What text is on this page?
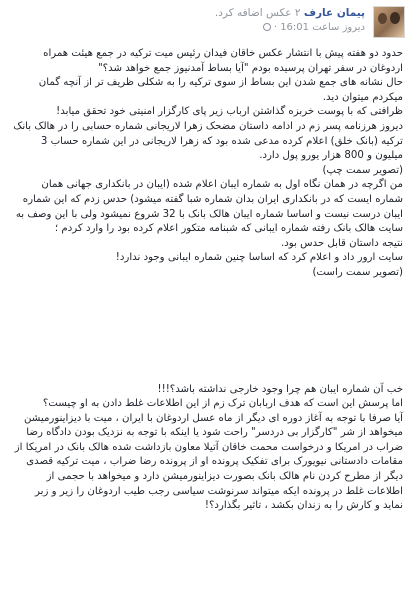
پیمان عارف ۲ عکس اضافه کرد.
دیروز ساعت 16:01 ·

حدود دو هفته پیش با انتشار عکس خاقان فیدان رئیس میت ترکیه در جمع هیئت همراه اردوغان در سفر تهران پرسیده بودم "آیا بساط آمدنیوز جمع خواهد شد؟"

حال نشانه های جمع شدن این بساط از سوی ترکیه را به شکلی ظریف تر از آنچه گمان میکردم میتوان دید.

ظرافتی که با پوست خربزه گذاشتن ارباب زیر پای کارگزار امنیتی خود تحقق میابد!

دیروز هرزنامه پسر زم در ادامه داستان مضحک زهرا لاریجانی شماره حسابی را در هالک بانک ترکیه (بانک خلق) اعلام کرده مدعی شده بود که زهرا لاریجانی در این شماره حساب 3 میلیون و 800 هزار یورو پول دارد.

(تصویر سمت چپ)

من اگرچه در همان نگاه اول به شماره ایبان اعلام شده (ایبان در بانکداری جهانی همان شماره ایست که در بانکداری ایران بدان شماره شبا گفته میشود) حدس زدم که این شماره ایبان درست نیست و اساسا شماره ایبان هالک بانک با 32 شروع نمیشود ولی با این وصف به سایت هالک بانک رفته شماره ایبانی که شبنامه متکور اعلام کرده بود را وارد کردم ؛

نتیجه داستان قابل حدس بود.

سایت ارور داد و اعلام کرد که اساسا چنین شماره ایبانی وجود ندارد!

(تصویر سمت راست)

خب آن شماره ایبان هم چرا وجود خارجی نداشته باشد؟!!!

اما پرسش این است که هدف اربابان ترک زم از این اطلاعات غلط دادن به او چیست؟

آیا صرفا با توجه به آغاز دوره ای دیگر از ماه عسل اردوغان با ایران ، میت با دیزاینورمیشن میخواهد از شر "کارگزار بی دردسر" راحت شود یا اینکه با توجه به نزدیک بودن دادگاه رضا ضراب در امریکا و درخواست محمت خاقان آتیلا معاون بازداشت شده هالک بانک در امریکا از مقامات دادستانی نیویورک برای تفکیک پرونده او از پرونده رضا ضراب ، میت ترکیه قصدی دیگر از مطرح کردن نام هالک بانک بصورت دیزاینورمیشن دارد و میخواهد با حجمی از اطلاعات غلط در پرونده ایکه میتواند سرنوشت سیاسی رجب طیب اردوغان را زیر و زبر نماید و کارش را به زندان بکشد ، تاثیر بگذارد؟!
